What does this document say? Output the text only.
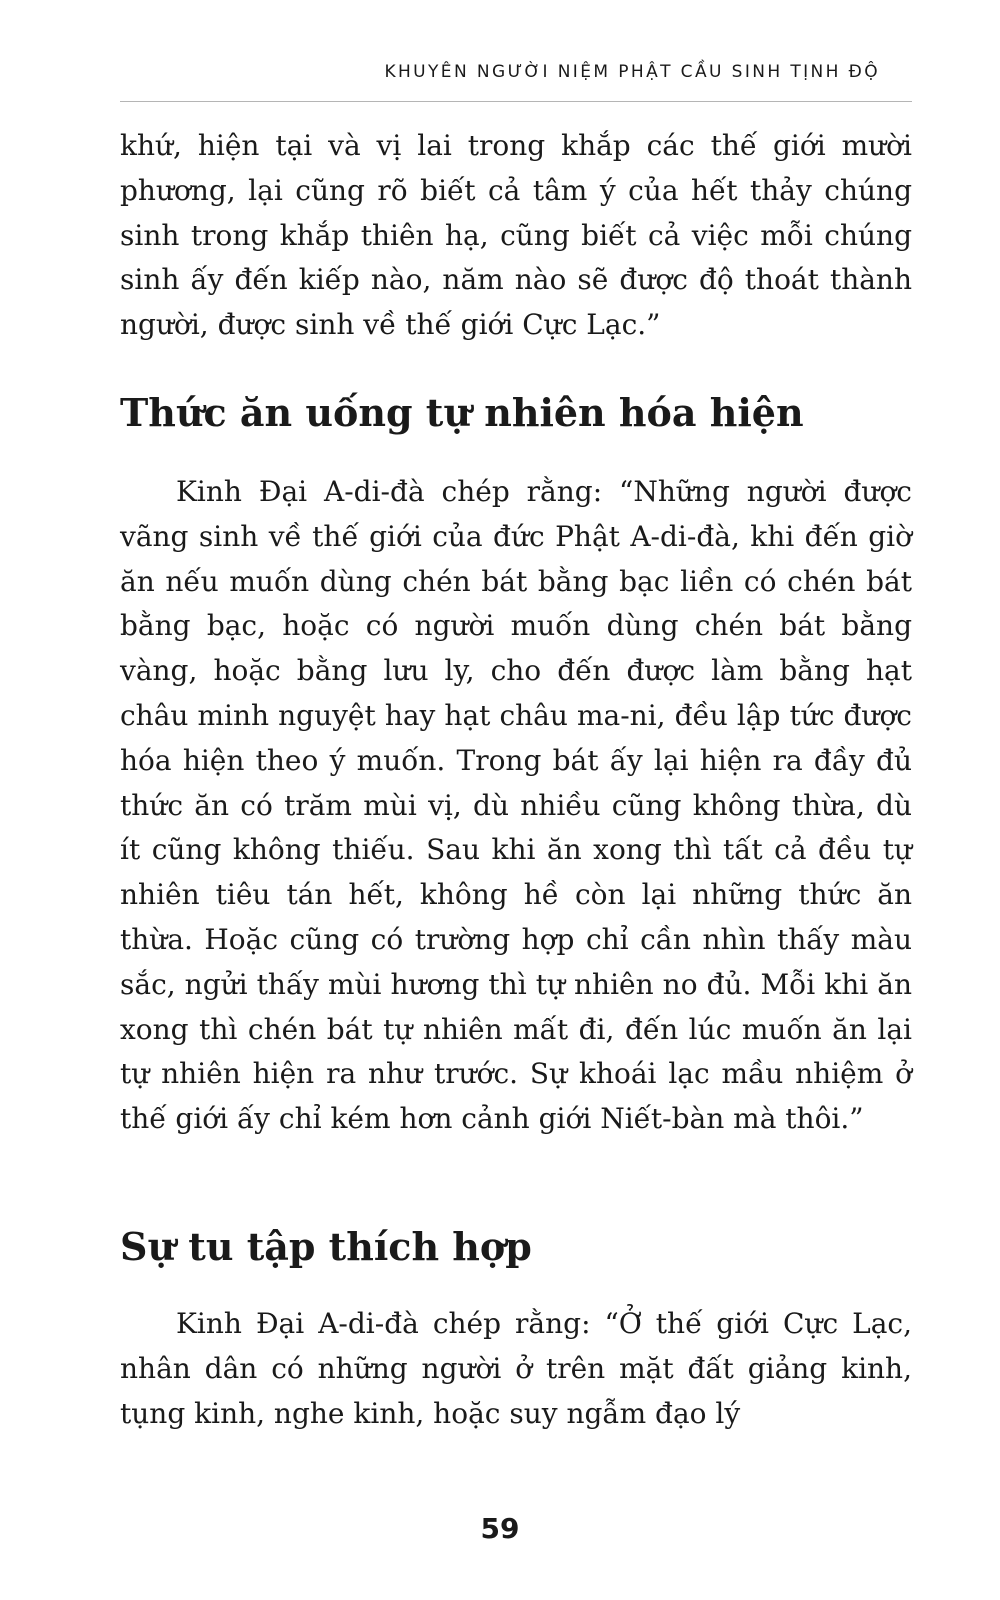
KHUYÊN NGƯỜI NIỆM PHẬT CẦU SINH TỊNH ĐỘ

khứ, hiện tại và vị lai trong khắp các thế giới mười phương, lại cũng rõ biết cả tâm ý của hết thảy chúng sinh trong khắp thiên hạ, cũng biết cả việc mỗi chúng sinh ấy đến kiếp nào, năm nào sẽ được độ thoát thành người, được sinh về thế giới Cực Lạc.”

Thức ăn uống tự nhiên hóa hiện

Kinh Đại A-di-đà chép rằng: “Những người được vãng sinh về thế giới của đức Phật A-di-đà, khi đến giờ ăn nếu muốn dùng chén bát bằng bạc liền có chén bát bằng bạc, hoặc có người muốn dùng chén bát bằng vàng, hoặc bằng lưu ly, cho đến được làm bằng hạt châu minh nguyệt hay hạt châu ma-ni, đều lập tức được hóa hiện theo ý muốn. Trong bát ấy lại hiện ra đầy đủ thức ăn có trăm mùi vị, dù nhiều cũng không thừa, dù ít cũng không thiếu. Sau khi ăn xong thì tất cả đều tự nhiên tiêu tán hết, không hề còn lại những thức ăn thừa. Hoặc cũng có trường hợp chỉ cần nhìn thấy màu sắc, ngửi thấy mùi hương thì tự nhiên no đủ. Mỗi khi ăn xong thì chén bát tự nhiên mất đi, đến lúc muốn ăn lại tự nhiên hiện ra như trước. Sự khoái lạc mầu nhiệm ở thế giới ấy chỉ kém hơn cảnh giới Niết-bàn mà thôi.”

Sự tu tập thích hợp

Kinh Đại A-di-đà chép rằng: “Ở thế giới Cực Lạc, nhân dân có những người ở trên mặt đất giảng kinh, tụng kinh, nghe kinh, hoặc suy ngẫm đạo lý

59
